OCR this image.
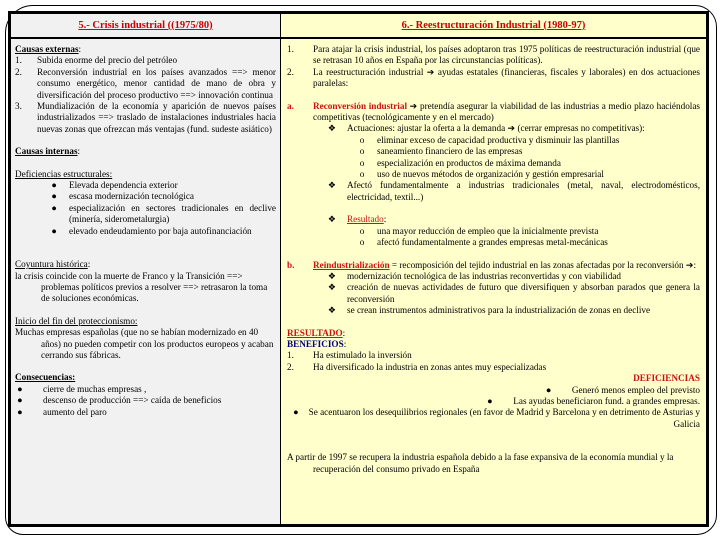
5.- Crisis industrial ((1975/80)
Causas externas:
1.	Subida enorme del precio del petróleo
2.	Reconversión industrial en los países avanzados ==> menor consumo energético, menor cantidad de mano de obra y diversificación del proceso productivo ==> innovación continua
3.	Mundialización de la economía y aparición de nuevos países industrializados ==> traslado de instalaciones industriales hacia nuevas zonas que ofrezcan más ventajas (fund. sudeste asiático)
Causas internas:
Deficiencias estructurales:
●	Elevada dependencia exterior
●	escasa modernización tecnológica
●	especialización en sectores tradicionales en declive (minería, siderometalurgia)
●	elevado endeudamiento por baja autofinanciación
Coyuntura histórica:
la crisis coincide con la muerte de Franco y la Transición ==> problemas políticos previos a resolver ==> retrasaron la toma de soluciones económicas.
Inicio del fin del proteccionismo:
Muchas empresas españolas (que no se habían modernizado en 40 años) no pueden competir con los productos europeos y acaban cerrando sus fábricas.
Consecuencias:
●	cierre de muchas empresas ,
●	descenso de producción ==> caída de beneficios
●	aumento del paro
6.- Reestructuración Industrial (1980-97)
1.	Para atajar la crisis industrial, los países adoptaron tras 1975 políticas de reestructuración industrial (que se retrasan 10 años en España por las circunstancias políticas).
2.	La reestructuración industrial ➔ ayudas estatales (financieras, fiscales y laborales) en dos actuaciones paralelas:
a.	Reconversión industrial ➔ pretendía asegurar la viabilidad de las industrias a medio plazo haciéndolas competitivas (tecnológicamente y en el mercado)
❖	Actuaciones: ajustar la oferta a la demanda ➔ (cerrar empresas no competitivas):
o	eliminar exceso de capacidad productiva y disminuir las plantillas
o	saneamiento financiero de las empresas
o	especialización en productos de máxima demanda
o	uso de nuevos métodos de organización y gestión empresarial
❖	Afectó fundamentalmente a industrias tradicionales (metal, naval, electrodomésticos, electricidad, textil...)
❖	Resultado:
o	una mayor reducción de empleo que la inicialmente prevista
o	afectó fundamentalmente a grandes empresas metal-mecánicas
b.	Reindustrialización = recomposición del tejido industrial en las zonas afectadas por la reconversión ➔:
❖	modernización tecnológica de las industrias reconvertidas y con viabilidad
❖	creación de nuevas actividades de futuro que diversifiquen y absorban parados que genera la reconversión
❖	se crean instrumentos administrativos para la industrialización de zonas en declive
RESULTADO:
BENEFICIOS:
1.	Ha estimulado la inversión
2.	Ha diversificado la industria en zonas antes muy especializadas
DEFICIENCIAS
● Generó menos empleo del previsto
● Las ayudas beneficiaron fund. a grandes empresas.
● Se acentuaron los desequilibrios regionales (en favor de Madrid y Barcelona y en detrimento de Asturias y Galicia
A partir de 1997 se recupera la industria española debido a la fase expansiva de la economía mundial y la recuperación del consumo privado en España
